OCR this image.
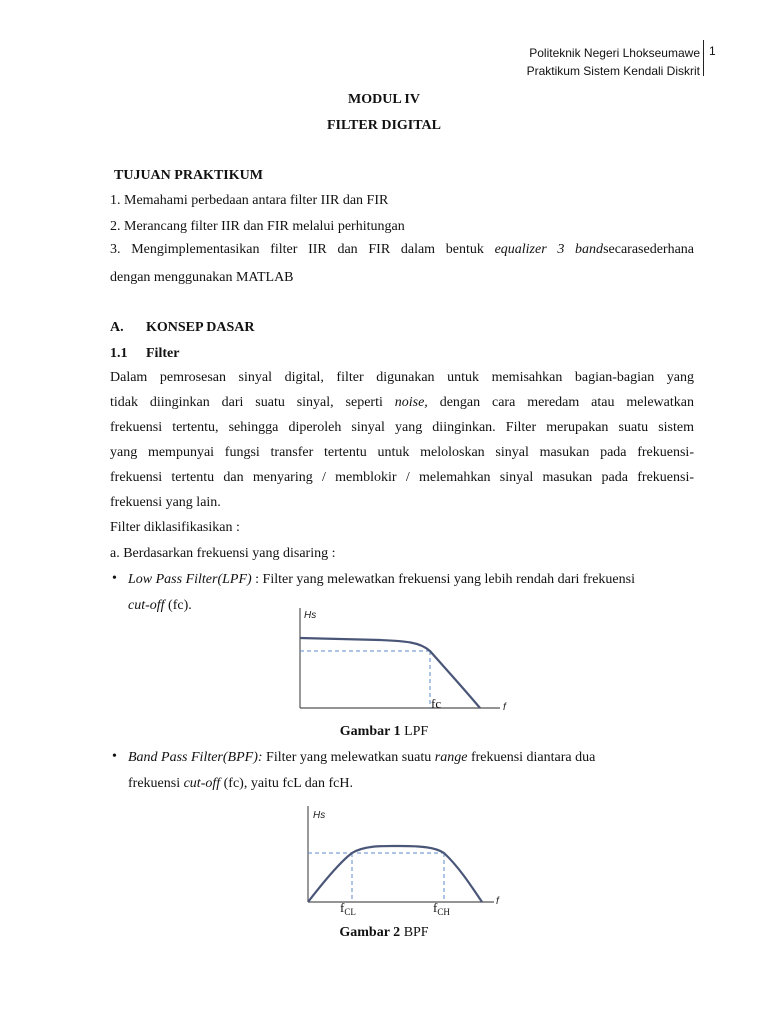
Politeknik Negeri Lhokseumawe
Praktikum Sistem Kendali Diskrit
1
MODUL IV
FILTER DIGITAL
TUJUAN PRAKTIKUM
1. Memahami perbedaan antara filter IIR dan FIR
2. Merancang filter IIR dan FIR melalui perhitungan
3. Mengimplementasikan filter IIR dan FIR dalam bentuk equalizer 3 bandsecarasederhana
dengan menggunakan MATLAB
A. KONSEP DASAR
1.1 Filter
Dalam pemrosesan sinyal digital, filter digunakan untuk memisahkan bagian-bagian yang
tidak diinginkan dari suatu sinyal, seperti noise, dengan cara meredam atau melewatkan
frekuensi tertentu, sehingga diperoleh sinyal yang diinginkan. Filter merupakan suatu sistem
yang mempunyai fungsi transfer tertentu untuk meloloskan sinyal masukan pada frekuensi-
frekuensi tertentu dan menyaring / memblokir / melemahkan sinyal masukan pada frekuensi-
frekuensi yang lain.
Filter diklasifikasikan :
a. Berdasarkan frekuensi yang disaring :
• Low Pass Filter(LPF) : Filter yang melewatkan frekuensi yang lebih rendah dari frekuensi
cut-off (fc).
Hs
f
fc
Gambar 1 LPF
• Band Pass Filter(BPF): Filter yang melewatkan suatu range frekuensi diantara dua
frekuensi cut-off (fc), yaitu fcL dan fcH.
Hs
f
$f_{CL}$	$f_{CH}$
Gambar 2 BPF
